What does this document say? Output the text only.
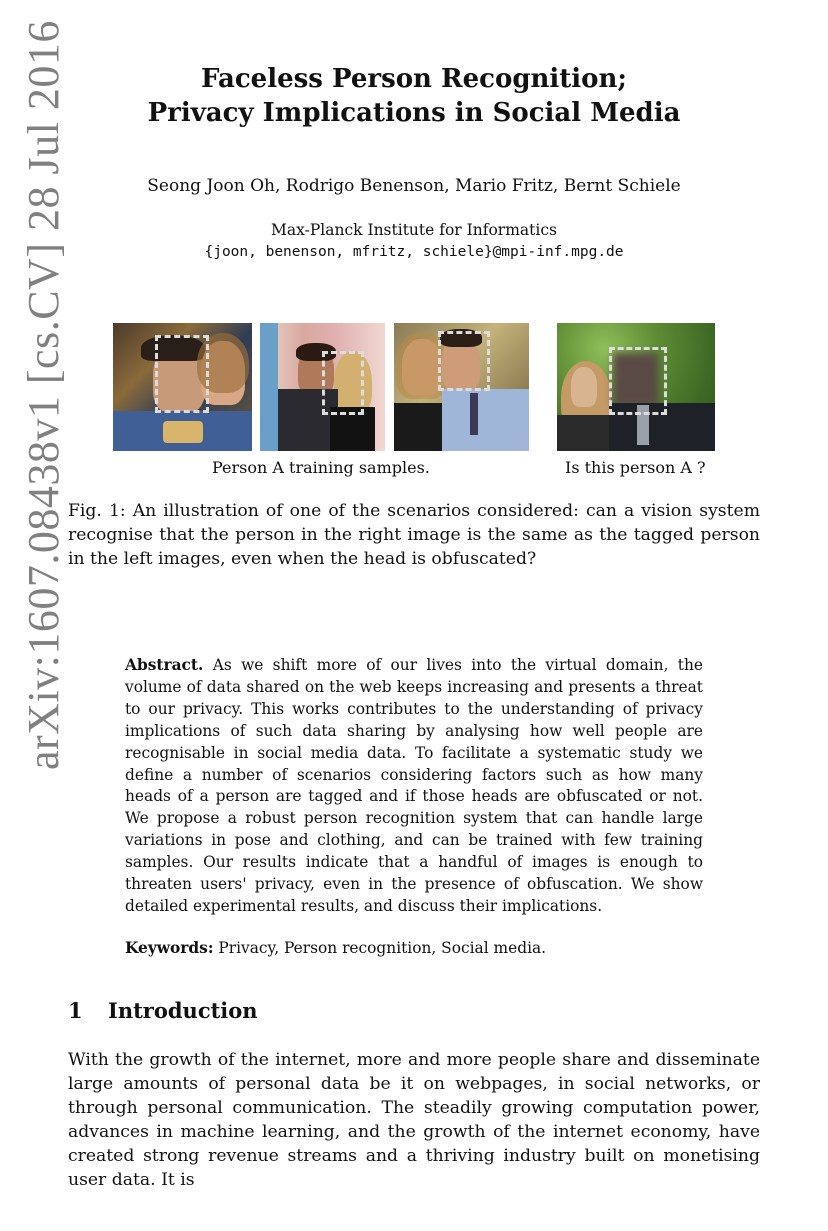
arXiv:1607.08438v1 [cs.CV] 28 Jul 2016	Faceless Person Recognition;
Privacy Implications in Social Media
Seong Joon Oh, Rodrigo Benenson, Mario Fritz, Bernt Schiele
Max-Planck Institute for Informatics
{joon, benenson, mfritz, schiele}@mpi-inf.mpg.de
Person A training samples.	Is this person A ?
Fig. 1: An illustration of one of the scenarios considered: can a vision system recognise that the person in the right image is the same as the tagged person in the left images, even when the head is obfuscated?
Abstract. As we shift more of our lives into the virtual domain, the volume of data shared on the web keeps increasing and presents a threat to our privacy. This works contributes to the understanding of privacy implications of such data sharing by analysing how well people are recognisable in social media data. To facilitate a systematic study we define a number of scenarios considering factors such as how many heads of a person are tagged and if those heads are obfuscated or not. We propose a robust person recognition system that can handle large variations in pose and clothing, and can be trained with few training samples. Our results indicate that a handful of images is enough to threaten users' privacy, even in the presence of obfuscation. We show detailed experimental results, and discuss their implications.
Keywords: Privacy, Person recognition, Social media.
1 Introduction
With the growth of the internet, more and more people share and disseminate large amounts of personal data be it on webpages, in social networks, or through personal communication. The steadily growing computation power, advances in machine learning, and the growth of the internet economy, have created strong revenue streams and a thriving industry built on monetising user data. It is
